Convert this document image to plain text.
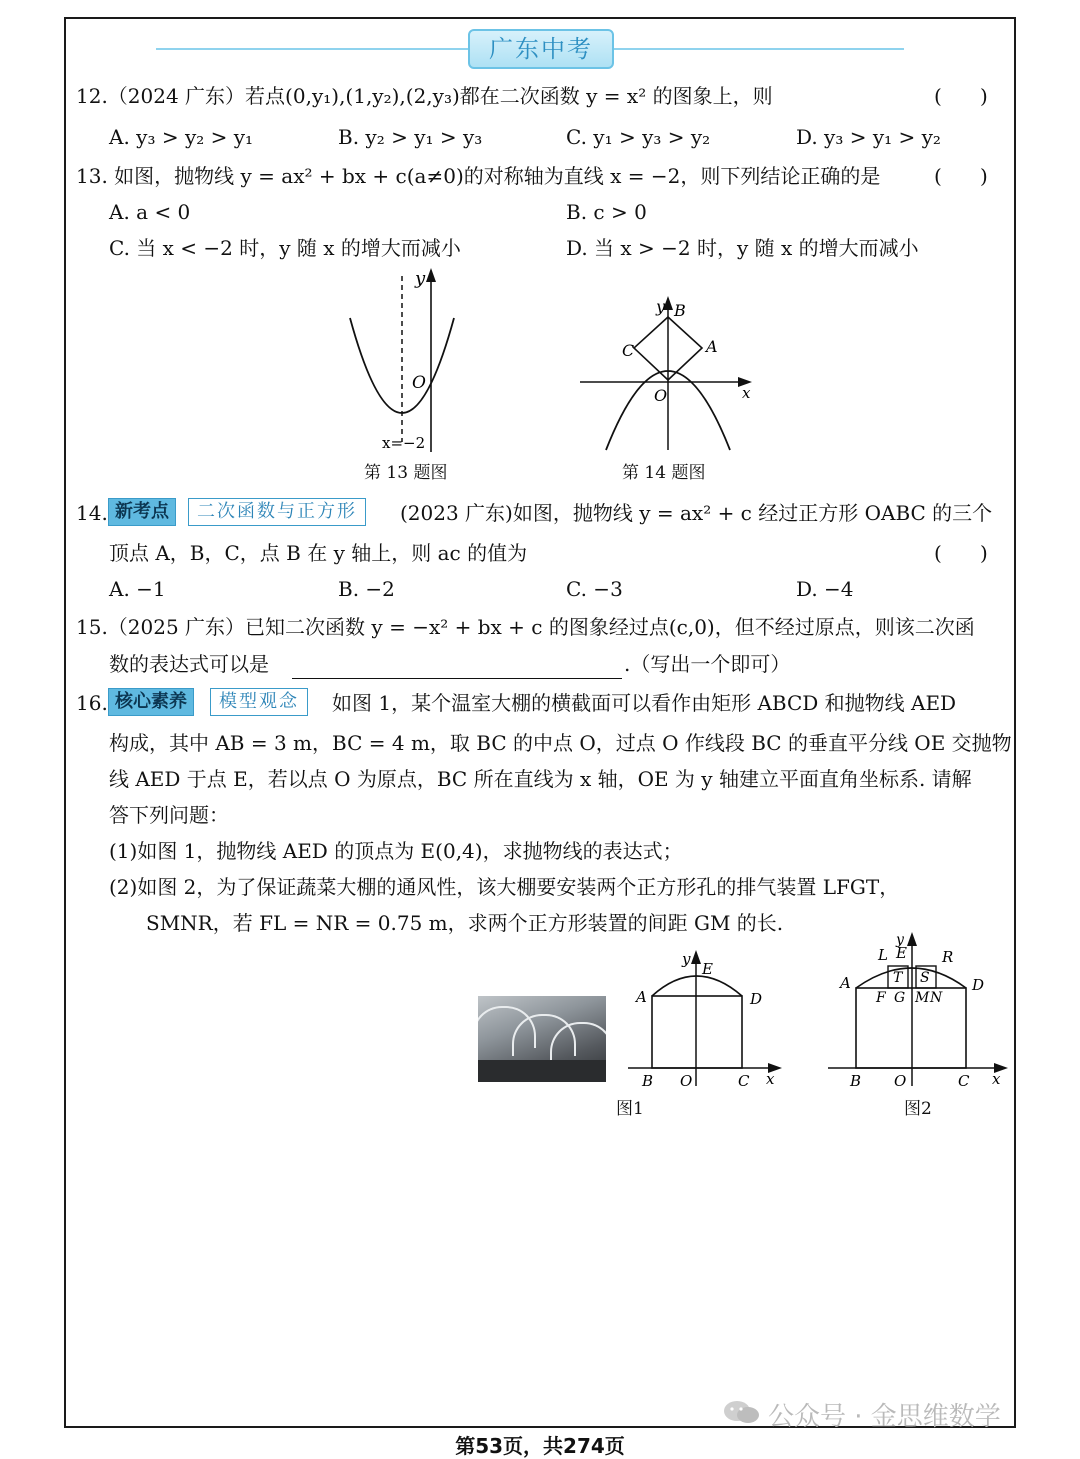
广东中考
12.（2024 广东）若点(0,y₁),(1,y₂),(2,y₃)都在二次函数 y = x² 的图象上，则	(      )
A. y₃ > y₂ > y₁	B. y₂ > y₁ > y₃	C. y₁ > y₃ > y₂	D. y₃ > y₁ > y₂
13. 如图，抛物线 y = ax² + bx + c(a≠0)的对称轴为直线 x = −2，则下列结论正确的是	(      )
A. a < 0	B. c > 0
C. 当 x < −2 时，y 随 x 的增大而减小	D. 当 x > −2 时，y 随 x 的增大而减小
y
O
x=−2
第 13 题图
y B
A
C
O	x
第 14 题图
14. 新考点	二次函数与正方形	(2023 广东)如图，抛物线 y = ax² + c 经过正方形 OABC 的三个
顶点 A，B，C，点 B 在 y 轴上，则 ac 的值为	(      )
A. −1	B. −2	C. −3	D. −4
15.（2025 广东）已知二次函数 y = −x² + bx + c 的图象经过点(c,0)，但不经过原点，则该二次函
数的表达式可以是	.（写出一个即可）
16. 核心素养	模型观念	如图 1，某个温室大棚的横截面可以看作由矩形 ABCD 和抛物线 AED
构成，其中 AB = 3 m，BC = 4 m，取 BC 的中点 O，过点 O 作线段 BC 的垂直平分线 OE 交抛物
线 AED 于点 E，若以点 O 为原点，BC 所在直线为 x 轴，OE 为 y 轴建立平面直角坐标系. 请解
答下列问题：
(1)如图 1，抛物线 AED 的顶点为 E(0,4)，求抛物线的表达式；
(2)如图 2，为了保证蔬菜大棚的通风性，该大棚要安装两个正方形孔的排气装置 LFGT，
SMNR，若 FL = NR = 0.75 m，求两个正方形装置的间距 GM 的长.
y
E
A	D
B O	C x
图1
y
L E R
T S
A	D
F G M N
B O	C x
图2
公众号 · 金思维数学
第53页，共274页
